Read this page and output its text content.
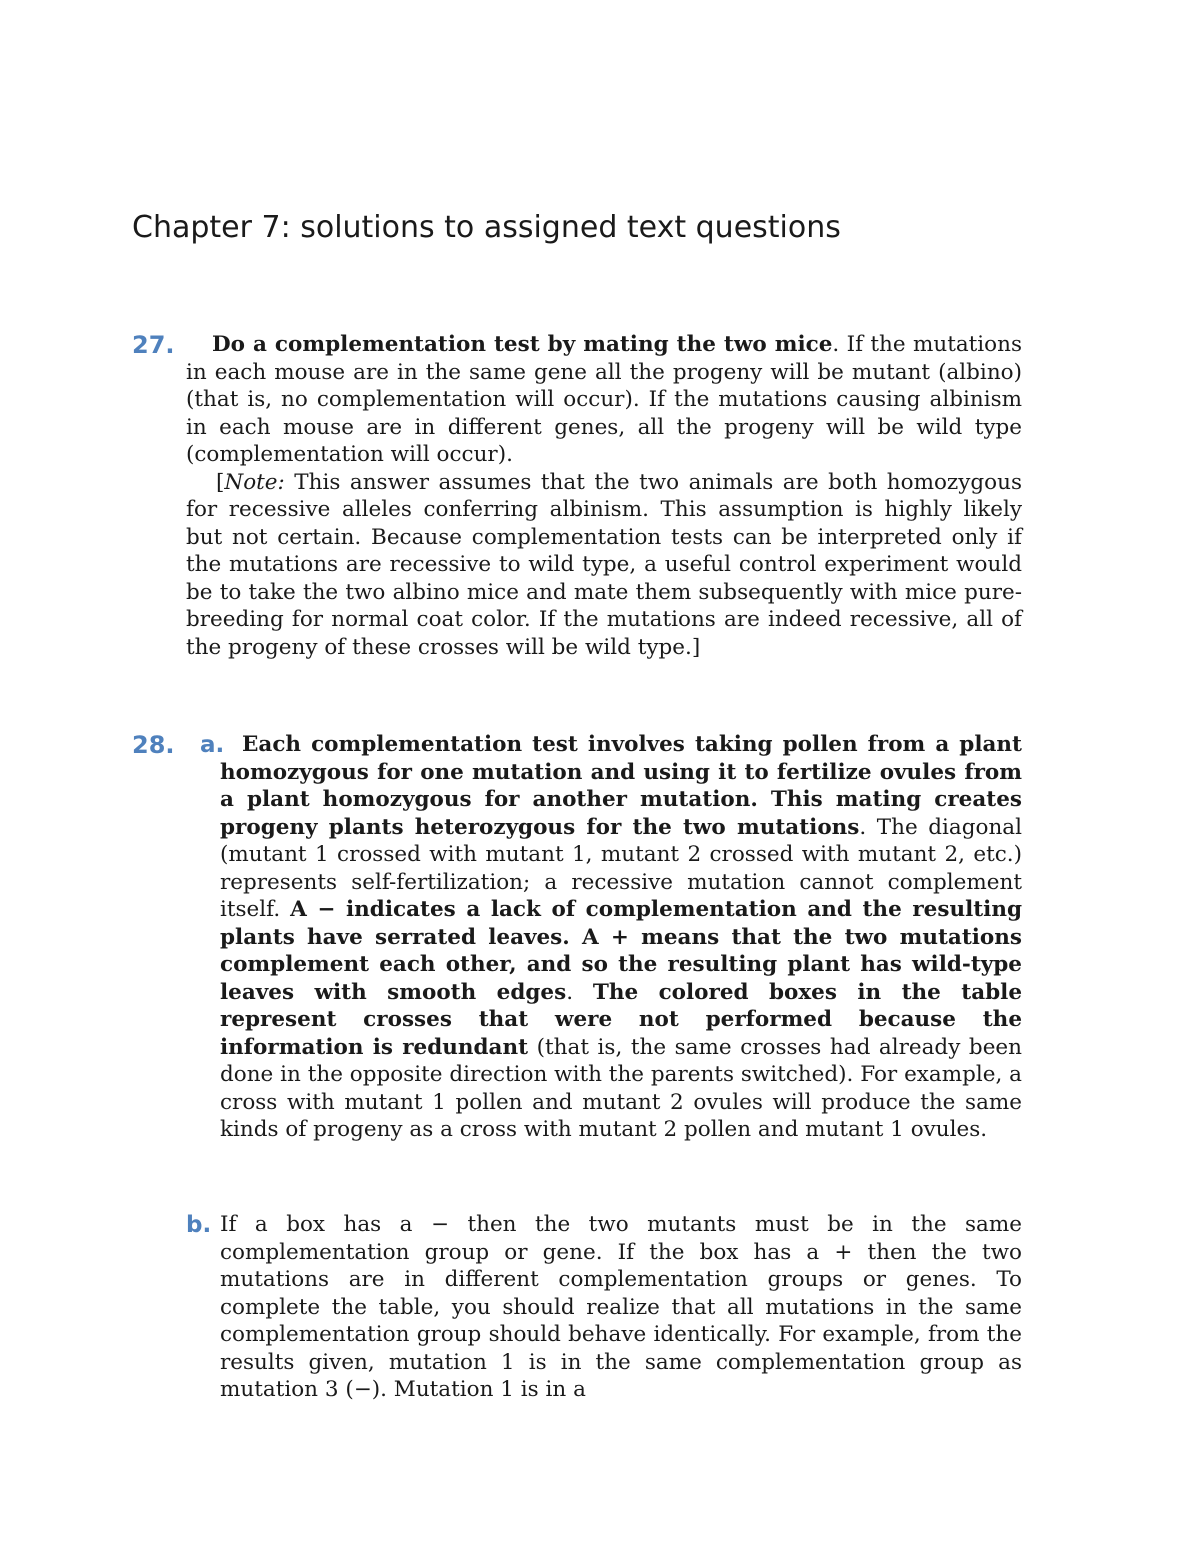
Chapter 7: solutions to assigned text questions
27.	Do a complementation test by mating the two mice. If the mutations in each mouse are in the same gene all the progeny will be mutant (albino) (that is, no complementation will occur). If the mutations causing albinism in each mouse are in different genes, all the progeny will be wild type (complementation will occur).

[Note: This answer assumes that the two animals are both homozygous for recessive alleles conferring albinism. This assumption is highly likely but not certain. Because complementation tests can be interpreted only if the mutations are recessive to wild type, a useful control experiment would be to take the two albino mice and mate them subsequently with mice pure-breeding for normal coat color. If the mutations are indeed recessive, all of the progeny of these crosses will be wild type.]

28. a. Each complementation test involves taking pollen from a plant homozygous for one mutation and using it to fertilize ovules from a plant homozygous for another mutation. This mating creates progeny plants heterozygous for the two mutations. The diagonal (mutant 1 crossed with mutant 1, mutant 2 crossed with mutant 2, etc.) represents self-fertilization; a recessive mutation cannot complement itself. A − indicates a lack of complementation and the resulting plants have serrated leaves. A + means that the two mutations complement each other, and so the resulting plant has wild-type leaves with smooth edges. The colored boxes in the table represent crosses that were not performed because the information is redundant (that is, the same crosses had already been done in the opposite direction with the parents switched). For example, a cross with mutant 1 pollen and mutant 2 ovules will produce the same kinds of progeny as a cross with mutant 2 pollen and mutant 1 ovules.

b. If a box has a − then the two mutants must be in the same complementation group or gene. If the box has a + then the two mutations are in different complementation groups or genes. To complete the table, you should realize that all mutations in the same complementation group should behave identically. For example, from the results given, mutation 1 is in the same complementation group as mutation 3 (−). Mutation 1 is in a
